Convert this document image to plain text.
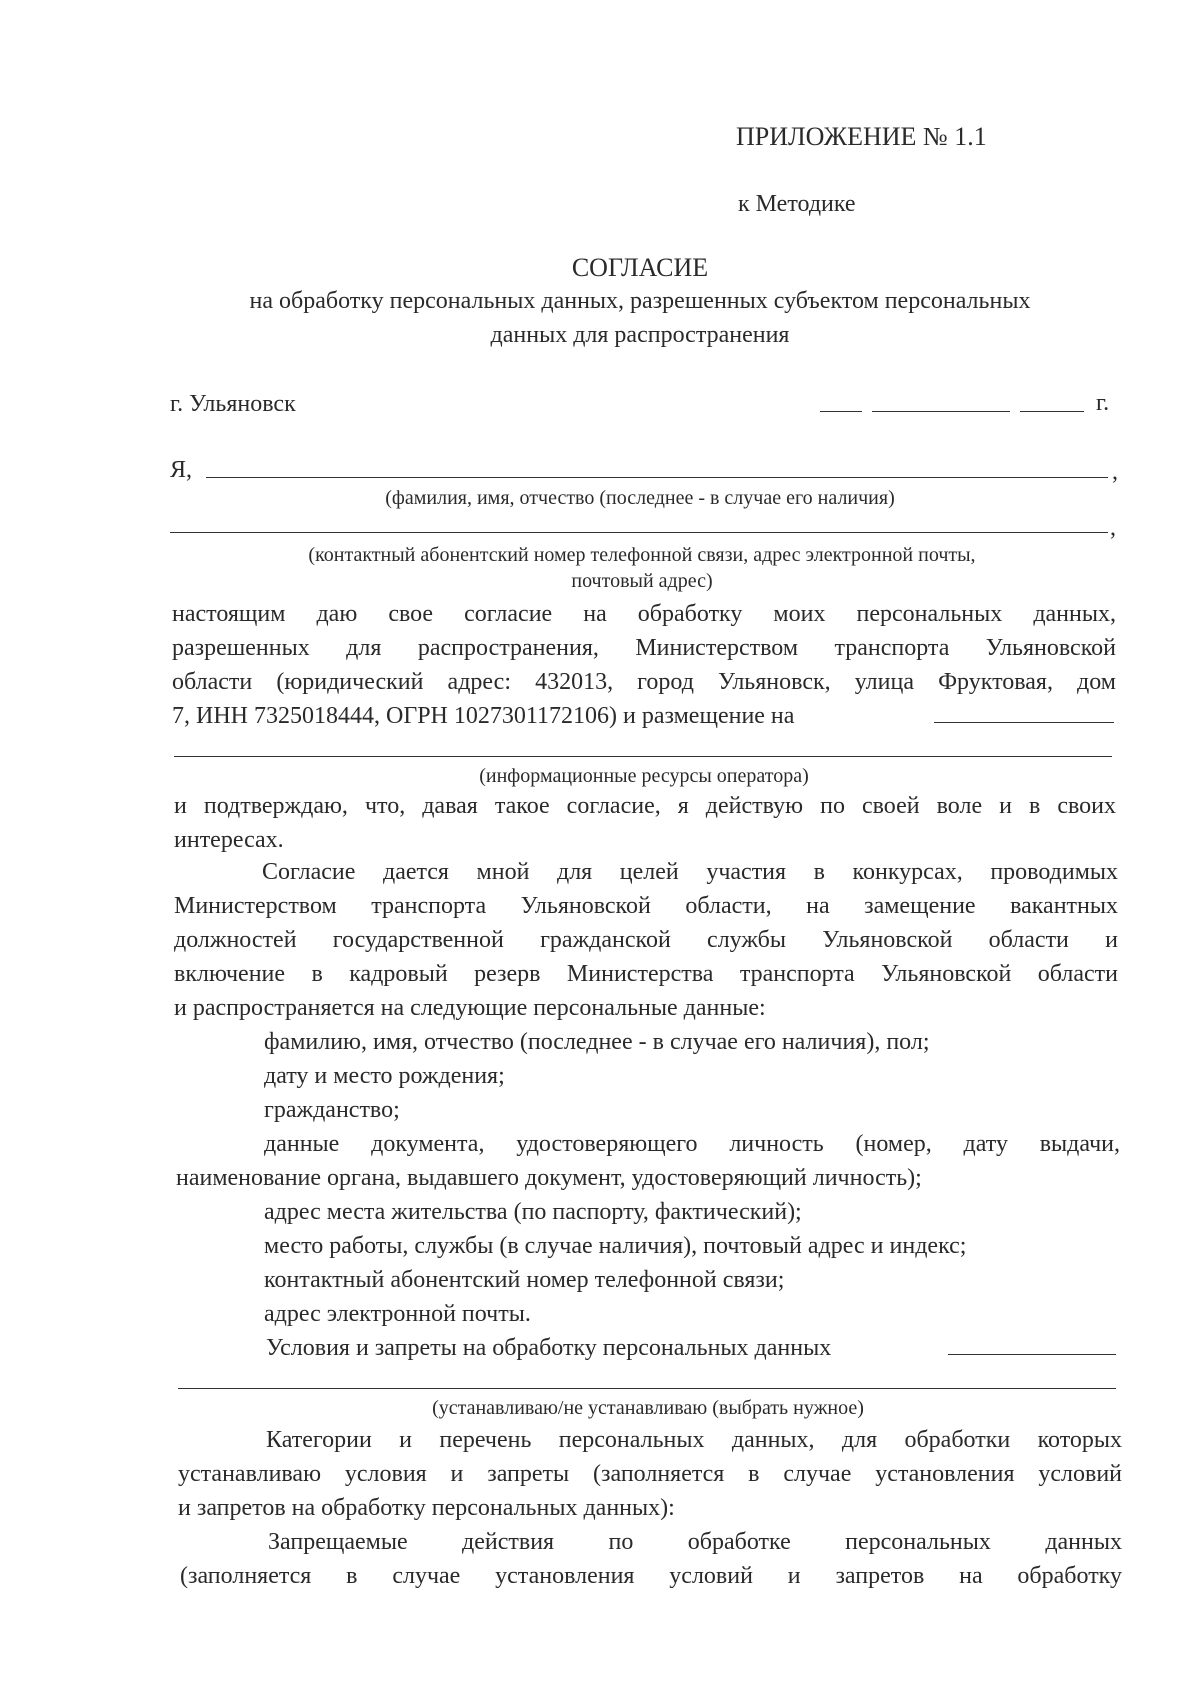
ПРИЛОЖЕНИЕ № 1.1
к Методике
СОГЛАСИЕ
на обработку персональных данных, разрешенных субъектом персональных
данных для распространения
г. Ульяновск	г.
Я,	,
(фамилия, имя, отчество (последнее - в случае его наличия)
,
(контактный абонентский номер телефонной связи, адрес электронной почты,
почтовый адрес)
настоящим даю свое согласие на обработку моих персональных данных,
разрешенных для распространения, Министерством транспорта Ульяновской
области (юридический адрес: 432013, город Ульяновск, улица Фруктовая, дом
7, ИНН 7325018444, ОГРН 1027301172106) и размещение на
(информационные ресурсы оператора)
и подтверждаю, что, давая такое согласие, я действую по своей воле и в своих
интересах.
Согласие дается мной для целей участия в конкурсах, проводимых
Министерством транспорта Ульяновской области, на замещение вакантных
должностей государственной гражданской службы Ульяновской области и
включение в кадровый резерв Министерства транспорта Ульяновской области
и распространяется на следующие персональные данные:
фамилию, имя, отчество (последнее - в случае его наличия), пол;
дату и место рождения;
гражданство;
данные документа, удостоверяющего личность (номер, дату выдачи,
наименование органа, выдавшего документ, удостоверяющий личность);
адрес места жительства (по паспорту, фактический);
место работы, службы (в случае наличия), почтовый адрес и индекс;
контактный абонентский номер телефонной связи;
адрес электронной почты.
Условия и запреты на обработку персональных данных
(устанавливаю/не устанавливаю (выбрать нужное)
Категории и перечень персональных данных, для обработки которых
устанавливаю условия и запреты (заполняется в случае установления условий
и запретов на обработку персональных данных):
Запрещаемые действия по обработке персональных данных
(заполняется в случае установления условий и запретов на обработку
